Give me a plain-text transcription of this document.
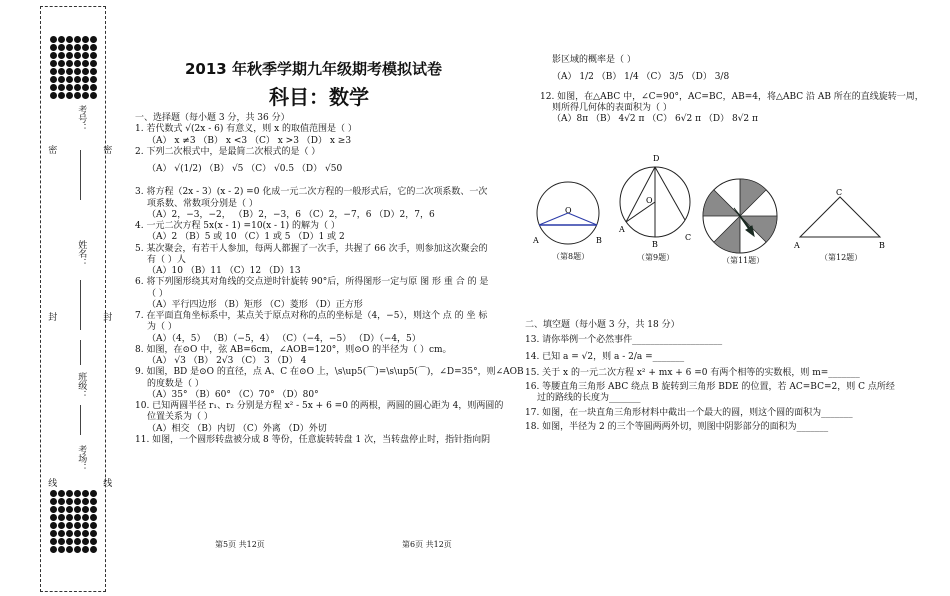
考号：
姓名：
班级：
考场：
密	密
封	封
线	线
2013 年秋季学期九年级期考模拟试卷
科目：数学

一、选择题（每小题 3 分，共 36 分）

1. 若代数式 √(2x - 6) 有意义，则 x 的取值范围是（ ）

（A） x ≠3 （B） x <3 （C） x >3 （D） x ≥3

2. 下列二次根式中，是最简二次根式的是（ ）

（A） √(1/2) （B） √5 （C） √0.5 （D） √50

3. 将方程（2x - 3）(x - 2) =0 化成一元二次方程的一般形式后，它的二次项系数、一次

项系数、常数项分别是（ ）

（A）2，−3，−2， （B）2，−3，6 （C）2，−7，6 （D）2，7，6

4. 一元二次方程 5x(x - 1) =10(x - 1) 的解为（ ）

（A）2 （B）5 或 10 （C）1 或 5 （D）1 或 2

5. 某次聚会，有若干人参加，每两人都握了一次手，共握了 66 次手，则参加这次聚会的

有（ ）人

（A）10 （B）11 （C）12 （D）13

6. 将下列图形绕其对角线的交点逆时针旋转 90°后，所得图形一定与原 图 形 重 合 的 是

（ ）

（A）平行四边形 （B）矩形 （C）菱形 （D）正方形

7. 在平面直角坐标系中，某点关于原点对称的点的坐标是（4，−5），则这个 点 的 坐 标

为（ ）

（A）（4，5） （B）（−5，4） （C）（−4，−5） （D）（−4，5）

8. 如图，在⊙O 中，弦 AB=6cm，∠AOB=120°，则⊙O 的半径为（ ）cm。

（A） √3 （B） 2√3 （C） 3 （D） 4

9. 如图，BD 是⊙O 的直径，点 A、C 在⊙O 上，\s\up5(⌒)=\s\up5(⌒)，∠D=35°，则∠AOB

的度数是（ ）

（A）35° （B）60° （C）70° （D）80°

10. 已知两圆半径 r₁、r₂ 分别是方程 x² - 5x + 6 =0 的两根，两圆的圆心距为 4，则两圆的

位置关系为（ ）

（A）相交 （B）内切 （C）外离 （D）外切

11. 如图，一个圆形转盘被分成 8 等份，任意旋转转盘 1 次，当转盘停止时，指针指向阴

第5页 共12页

影区域的概率是（ ）

（A） 1/2 （B） 1/4 （C） 3/5 （D） 3/8

12. 如图，在△ABC 中，∠C=90°，AC=BC，AB=4，将△ABC 沿 AB 所在的直线旋转一周，

则所得几何体的表面积为（ ）

（A）8π （B） 4√2 π （C） 6√2 π （D） 8√2 π

O
A	B
（第8题）
D
O
A
B
C
（第9题）	（第11题）
C
A	B
（第12题）

二、填空题（每小题 3 分，共 18 分）

13. 请你举例一个必然事件____________________

14. 已知 a = √2，则 a - 2/a =_______

15. 关于 x 的一元二次方程 x² + mx + 6 =0 有两个相等的实数根，则 m=_______

16. 等腰直角三角形 ABC 绕点 B 旋转到三角形 BDE 的位置，若 AC=BC=2，则 C 点所经

过的路线的长度为_______

17. 如图，在一块直角三角形材料中截出一个最大的圆，则这个圆的面积为_______

18. 如图，半径为 2 的三个等圆两两外切，则图中阴影部分的面积为_______

第6页 共12页
